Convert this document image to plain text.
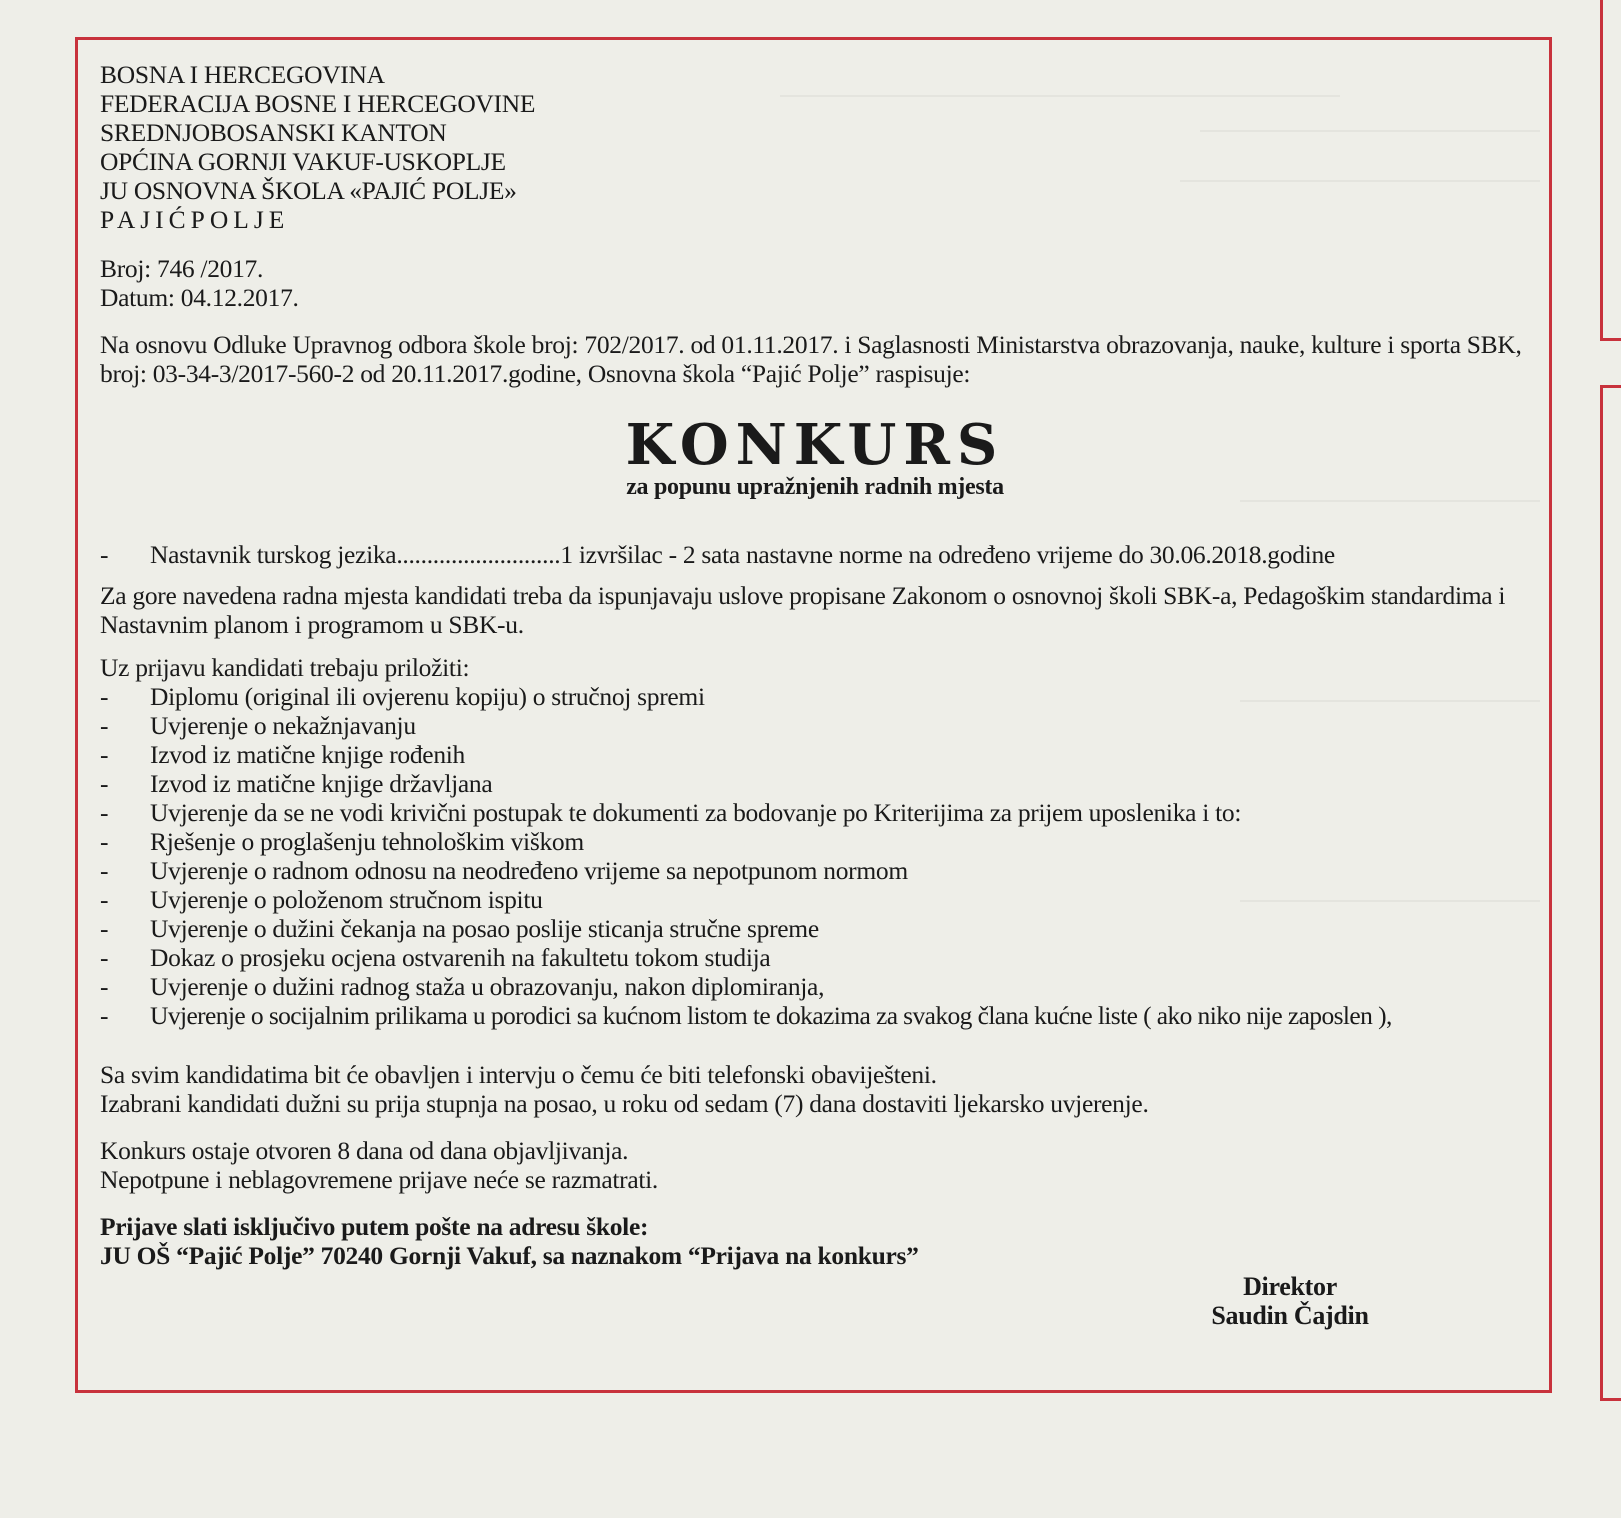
BOSNA I HERCEGOVINA

FEDERACIJA BOSNE I HERCEGOVINE

SREDNJOBOSANSKI KANTON

OPĆINA GORNJI VAKUF-USKOPLJE

JU OSNOVNA ŠKOLA «PAJIĆ POLJE»

PAJIĆPOLJE

Broj: 746 /2017.

Datum: 04.12.2017.

Na osnovu Odluke Upravnog odbora škole broj: 702/2017. od 01.11.2017. i Saglasnosti Ministarstva obrazovanja, nauke, kulture i sporta SBK, broj: 03-34-3/2017-560-2 od 20.11.2017.godine, Osnovna škola “Pajić Polje” raspisuje:

KONKURS

za popunu upražnjenih radnih mjesta

-	Nastavnik turskog jezika........................... 1 izvršilac - 2 sata nastavne norme na određeno vrijeme do 30.06.2018.godine

Za gore navedena radna mjesta kandidati treba da ispunjavaju uslove propisane Zakonom o osnovnoj školi SBK-a, Pedagoškim standardima i Nastavnim planom i programom u SBK-u.

Uz prijavu kandidati trebaju priložiti:

-	Diplomu (original ili ovjerenu kopiju) o stručnoj spremi
-	Uvjerenje o nekažnjavanju
-	Izvod iz matične knjige rođenih
-	Izvod iz matične knjige državljana
-	Uvjerenje da se ne vodi krivični postupak te dokumenti za bodovanje po Kriterijima za prijem uposlenika i to:
-	Rješenje o proglašenju tehnološkim viškom
-	Uvjerenje o radnom odnosu na neodređeno vrijeme sa nepotpunom normom
-	Uvjerenje o položenom stručnom ispitu
-	Uvjerenje o dužini čekanja na posao poslije sticanja stručne spreme
-	Dokaz o prosjeku ocjena ostvarenih na fakultetu tokom studija
-	Uvjerenje o dužini radnog staža u obrazovanju, nakon diplomiranja,
-	Uvjerenje o socijalnim prilikama u porodici sa kućnom listom te dokazima za svakog člana kućne liste ( ako niko nije zaposlen ),

Sa svim kandidatima bit će obavljen i intervju o čemu će biti telefonski obaviješteni.

Izabrani kandidati dužni su prija stupnja na posao, u roku od sedam (7) dana dostaviti ljekarsko uvjerenje.

Konkurs ostaje otvoren 8 dana od dana objavljivanja.

Nepotpune i neblagovremene prijave neće se razmatrati.

Prijave slati isključivo putem pošte na adresu škole:

JU OŠ “Pajić Polje” 70240 Gornji Vakuf, sa naznakom “Prijava na konkurs”

Direktor
Saudin Čajdin
